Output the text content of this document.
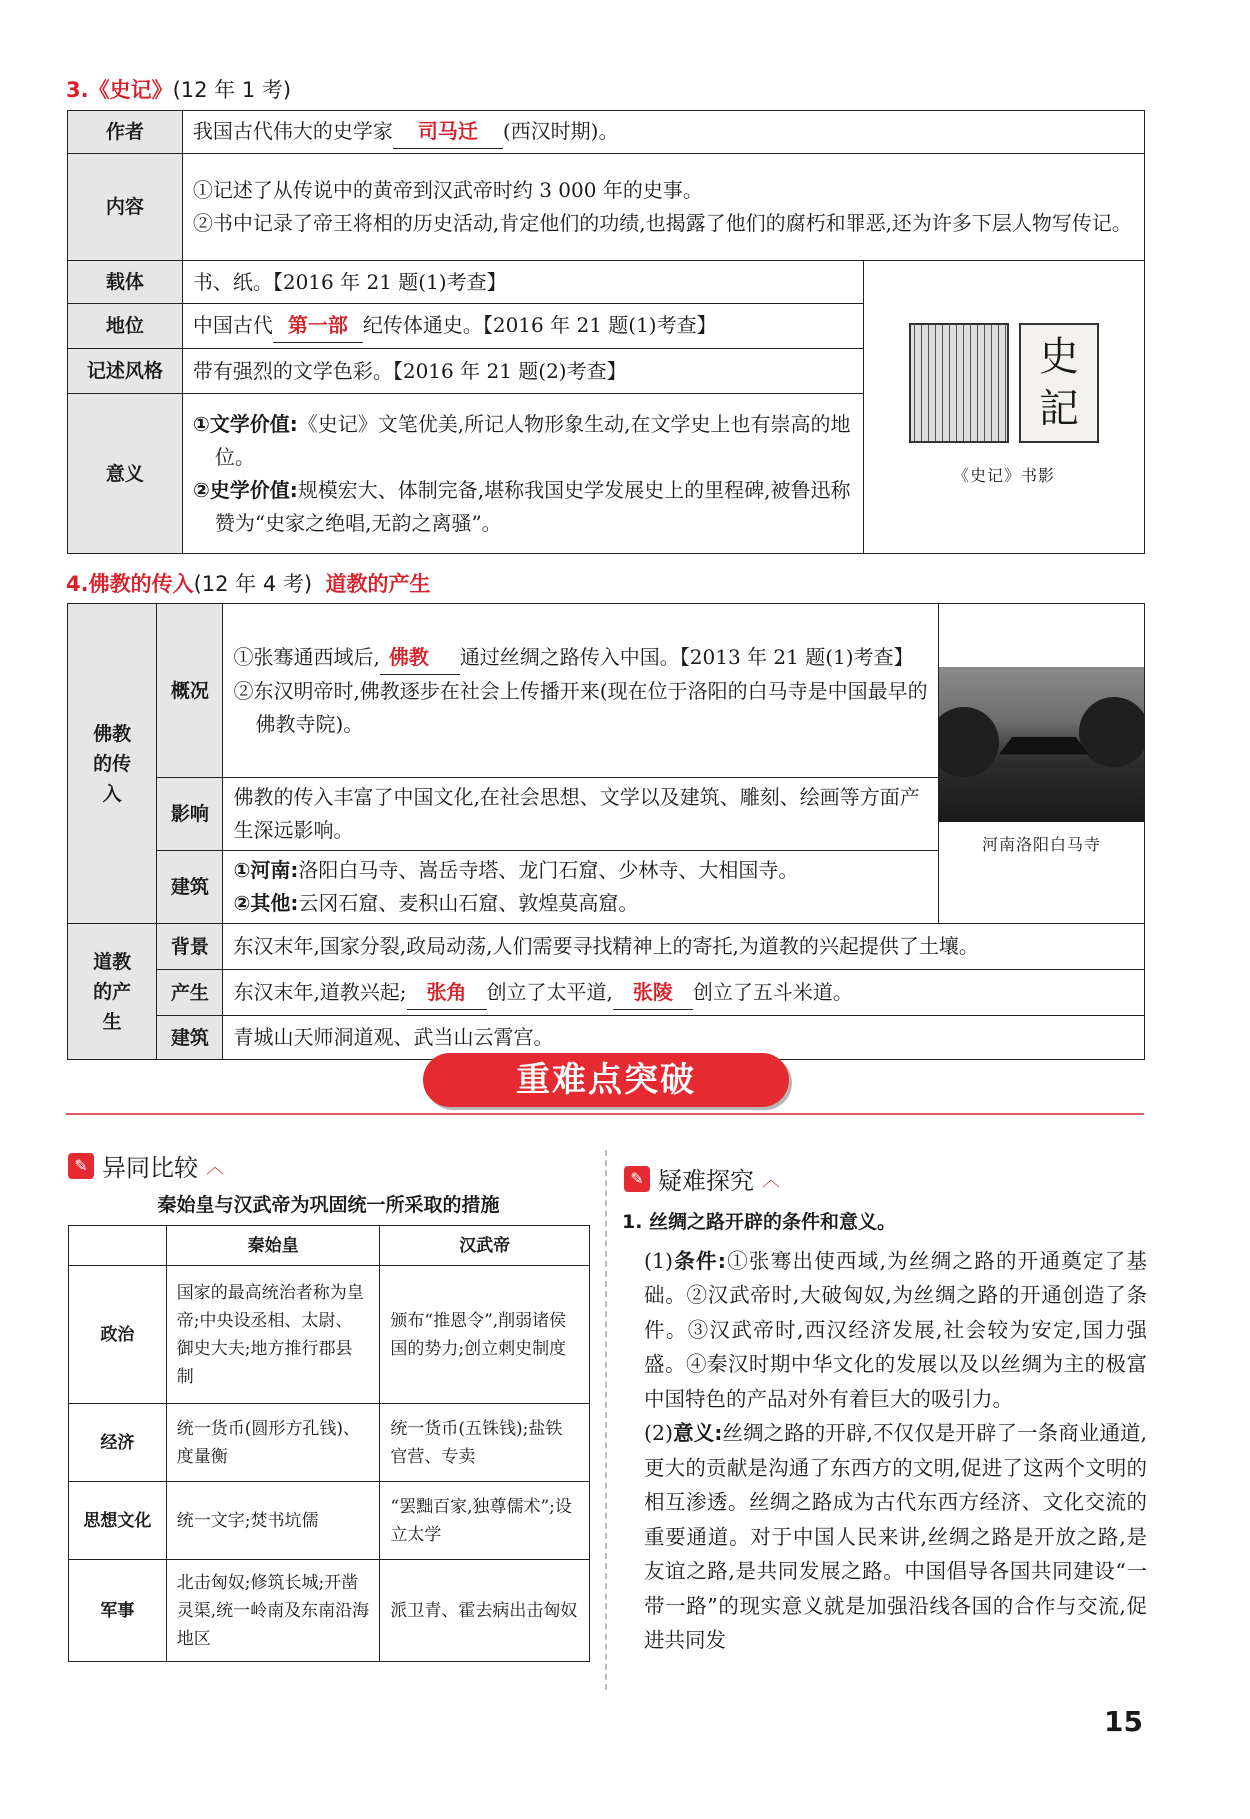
3.《史记》(12 年 1 考)
作者	我国古代伟大的史学家 司马迁 (西汉时期)。	
内容	①记述了从传说中的黄帝到汉武帝时约 3 000 年的史事。
②书中记录了帝王将相的历史活动,肯定他们的功绩,也揭露了他们的腐朽和罪恶,还为许多下层人物写传记。	

载体	书、纸。【2016 年 21 题(1)考查】	史
記
《史记》书影

地位	中国古代 第一部 纪传体通史。【2016 年 21 题(1)考查】	
记述风格	带有强烈的文学色彩。【2016 年 21 题(2)考查】	
意义	①文学价值:《史记》文笔优美,所记人物形象生动,在文学史上也有崇高的地位。
②史学价值:规模宏大、体制完备,堪称我国史学发展史上的里程碑,被鲁迅称赞为“史家之绝唱,无韵之离骚”。	
4.佛教的传入(12 年 4 考) 道教的产生
佛教的传入	概况	①张骞通西域后, 佛教 通过丝绸之路传入中国。【2013 年 21 题(1)考查】
②东汉明帝时,佛教逐步在社会上传播开来(现在位于洛阳的白马寺是中国最早的佛教寺院)。	河南洛阳白马寺

	影响	佛教的传入丰富了中国文化,在社会思想、文学以及建筑、雕刻、绘画等方面产生深远影响。	
	建筑	①河南:洛阳白马寺、嵩岳寺塔、龙门石窟、少林寺、大相国寺。
②其他:云冈石窟、麦积山石窟、敦煌莫高窟。	

道教的产生	背景	东汉末年,国家分裂,政局动荡,人们需要寻找精神上的寄托,为道教的兴起提供了土壤。	
	产生	东汉末年,道教兴起; 张角 创立了太平道, 张陵 创立了五斗米道。	
	建筑	青城山天师洞道观、武当山云霄宫。	
重难点突破
✎ 异同比较 ︿
秦始皇与汉武帝为巩固统一所采取的措施
	秦始皇	汉武帝
政治	国家的最高统治者称为皇帝;中央设丞相、太尉、御史大夫;地方推行郡县制	颁布“推恩令”,削弱诸侯国的势力;创立刺史制度
经济	统一货币(圆形方孔钱)、度量衡	统一货币(五铢钱);盐铁官营、专卖
思想文化	统一文字;焚书坑儒	“罢黜百家,独尊儒术”;设立太学
军事	北击匈奴;修筑长城;开凿灵渠,统一岭南及东南沿海地区	派卫青、霍去病出击匈奴
✎ 疑难探究 ︿
1. 丝绸之路开辟的条件和意义。
(1)条件:①张骞出使西域,为丝绸之路的开通奠定了基础。②汉武帝时,大破匈奴,为丝绸之路的开通创造了条件。③汉武帝时,西汉经济发展,社会较为安定,国力强盛。④秦汉时期中华文化的发展以及以丝绸为主的极富中国特色的产品对外有着巨大的吸引力。
(2)意义:丝绸之路的开辟,不仅仅是开辟了一条商业通道,更大的贡献是沟通了东西方的文明,促进了这两个文明的相互渗透。丝绸之路成为古代东西方经济、文化交流的重要通道。对于中国人民来讲,丝绸之路是开放之路,是友谊之路,是共同发展之路。中国倡导各国共同建设“一带一路”的现实意义就是加强沿线各国的合作与交流,促进共同发
15
